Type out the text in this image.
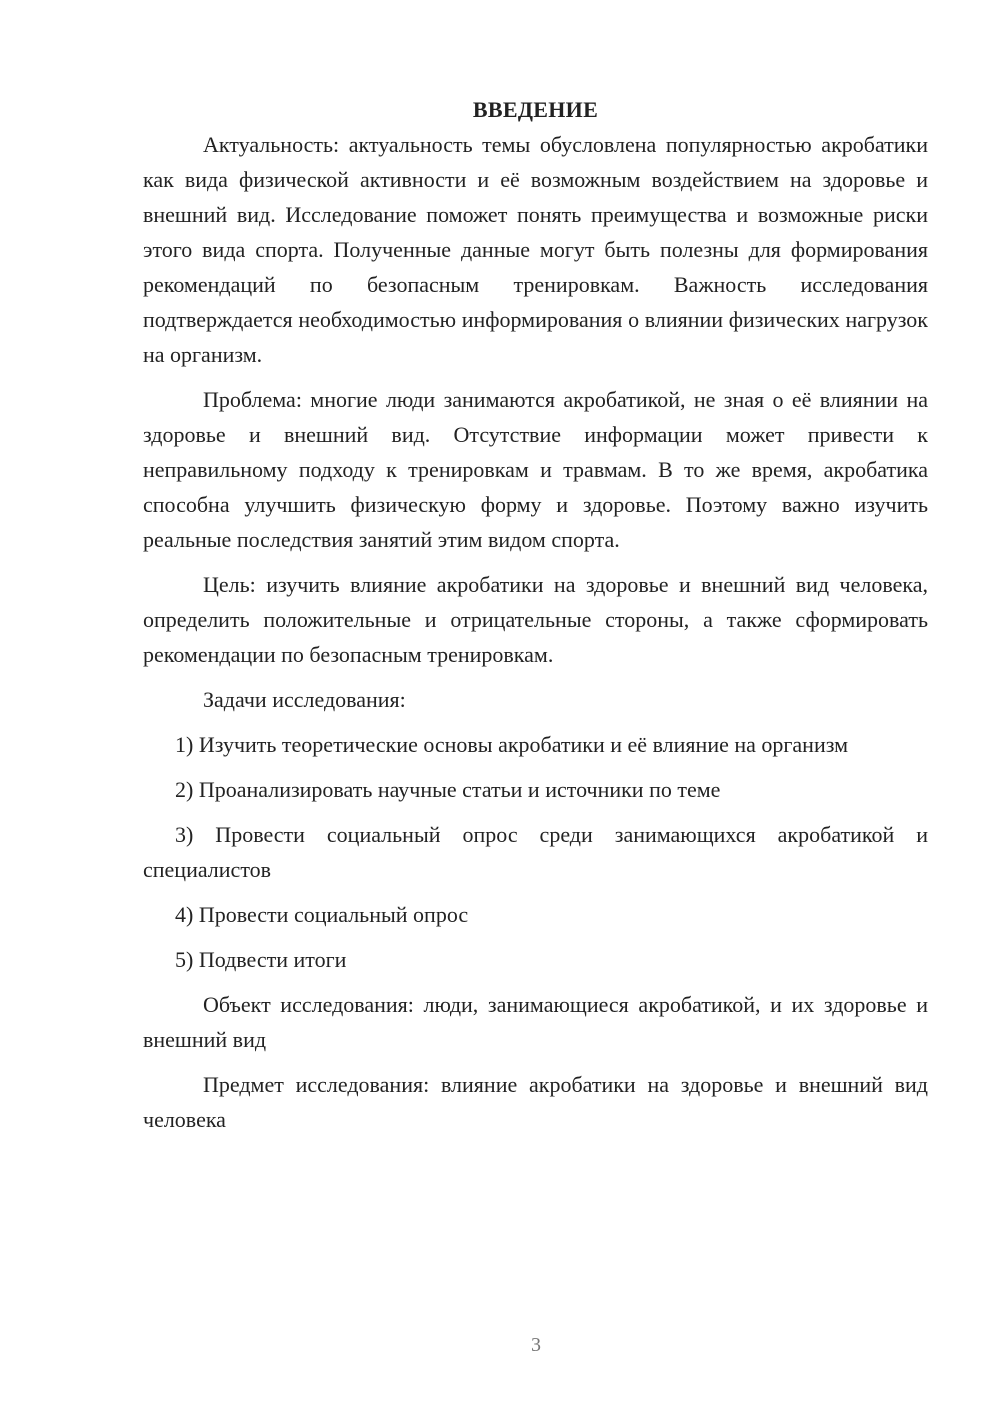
ВВЕДЕНИЕ

Актуальность: актуальность темы обусловлена популярностью акробатики как вида физической активности и её возможным воздействием на здоровье и внешний вид. Исследование поможет понять преимущества и возможные риски этого вида спорта. Полученные данные могут быть полезны для формирования рекомендаций по безопасным тренировкам. Важность исследования подтверждается необходимостью информирования о влиянии физических нагрузок на организм.

Проблема: многие люди занимаются акробатикой, не зная о её влиянии на здоровье и внешний вид. Отсутствие информации может привести к неправильному подходу к тренировкам и травмам. В то же время, акробатика способна улучшить физическую форму и здоровье. Поэтому важно изучить реальные последствия занятий этим видом спорта.

Цель: изучить влияние акробатики на здоровье и внешний вид человека, определить положительные и отрицательные стороны, а также сформировать рекомендации по безопасным тренировкам.

Задачи исследования:

1) Изучить теоретические основы акробатики и её влияние на организм
2) Проанализировать научные статьи и источники по теме
3) Провести социальный опрос среди занимающихся акробатикой и специалистов
4) Провести социальный опрос
5) Подвести итоги

Объект исследования: люди, занимающиеся акробатикой, и их здоровье и внешний вид

Предмет исследования: влияние акробатики на здоровье и внешний вид человека

3
